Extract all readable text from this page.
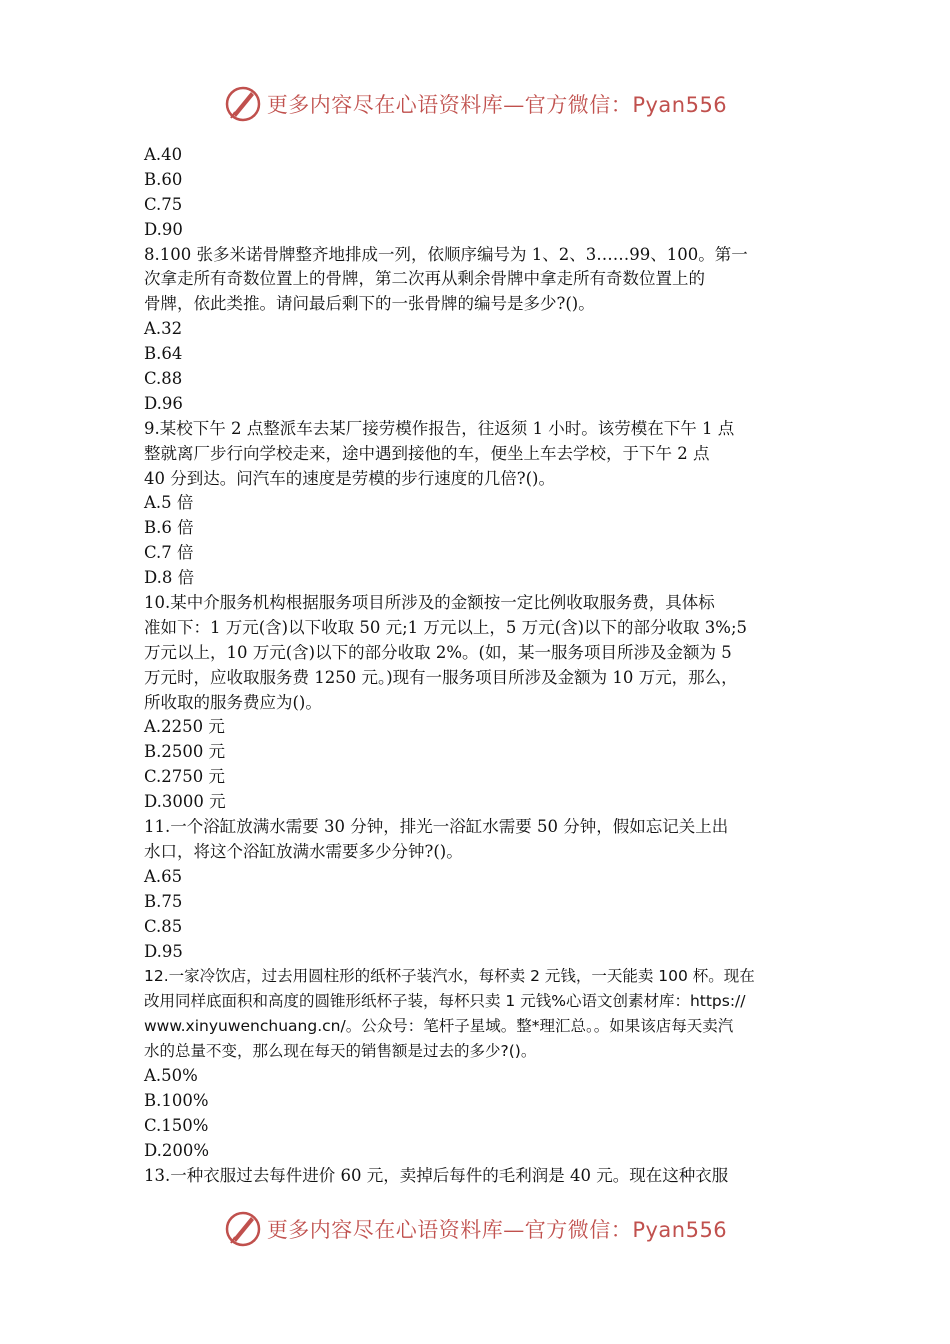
更多内容尽在心语资料库—官方微信：Pyan556
A.40
B.60
C.75
D.90
8.100 张多米诺骨牌整齐地排成一列，依顺序编号为 1、2、3……99、100。第一
次拿走所有奇数位置上的骨牌，第二次再从剩余骨牌中拿走所有奇数位置上的
骨牌，依此类推。请问最后剩下的一张骨牌的编号是多少?()。
A.32
B.64
C.88
D.96
9.某校下午 2 点整派车去某厂接劳模作报告，往返须 1 小时。该劳模在下午 1 点
整就离厂步行向学校走来，途中遇到接他的车，便坐上车去学校，于下午 2 点
40 分到达。问汽车的速度是劳模的步行速度的几倍?()。
A.5 倍
B.6 倍
C.7 倍
D.8 倍
10.某中介服务机构根据服务项目所涉及的金额按一定比例收取服务费，具体标
准如下：1 万元(含)以下收取 50 元;1 万元以上，5 万元(含)以下的部分收取 3%;5
万元以上，10 万元(含)以下的部分收取 2%。(如，某一服务项目所涉及金额为 5
万元时，应收取服务费 1250 元。)现有一服务项目所涉及金额为 10 万元，那么，
所收取的服务费应为()。
A.2250 元
B.2500 元
C.2750 元
D.3000 元
11.一个浴缸放满水需要 30 分钟，排光一浴缸水需要 50 分钟，假如忘记关上出
水口，将这个浴缸放满水需要多少分钟?()。
A.65
B.75
C.85
D.95
12.一家冷饮店，过去用圆柱形的纸杯子装汽水，每杯卖 2 元钱，一天能卖 100 杯。现在
改用同样底面积和高度的圆锥形纸杯子装，每杯只卖 1 元钱%心语文创素材库：https://
www.xinyuwenchuang.cn/。公众号：笔杆子星域。整*理汇总。。如果该店每天卖汽
水的总量不变，那么现在每天的销售额是过去的多少?()。
A.50%
B.100%
C.150%
D.200%
13.一种衣服过去每件进价 60 元，卖掉后每件的毛利润是 40 元。现在这种衣服
更多内容尽在心语资料库—官方微信：Pyan556
